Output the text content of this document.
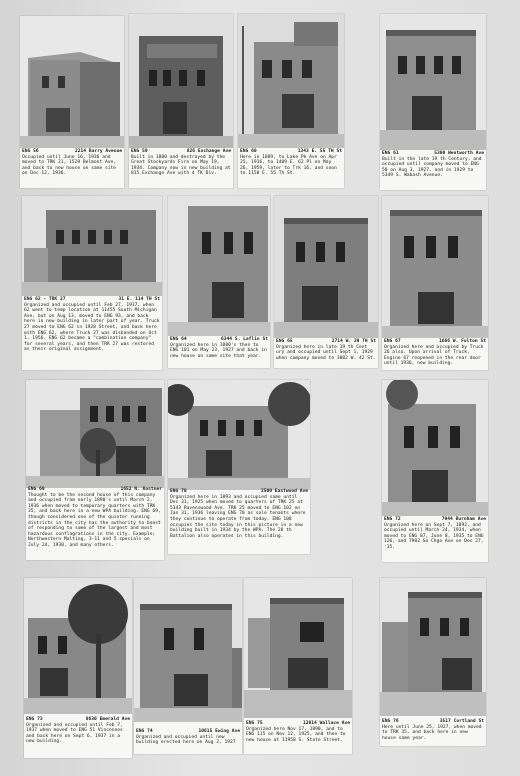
ENG 56	2214 Barry Avenue
Occupied until June 16, 1936 and moved to TRK 21, 1529 Belmont Ave, and back to new house on same site on Dec 12, 1936.
ENG 59	826 Exchange Ave
Built in 1880 and destroyed by the Great Stockyards Fire on May 19, 1934. Company now in new building at 815 Exchange Ave with 4 TK Div.
ENG 60	1343 E. 55 TH St
Here in 1889, to Lake Pk Ave on Apr 25, 1916, to 1409 E. 62 Pl on May 26, 1959, later to Trk 16, and soon to 1150 E. 55 Th St.
ENG 61	5300 Wentworth Ave
Built in the late 19 th Century, and occupied until company moved to ENG 50 on Aug 3, 1927, and in 1929 to 5349 S. Wabash Avenue.
ENG 62 - TRK 27	31 E. 114 TH St
Organized and occupied until Feb 27, 1937, when 62 went to temp location at 11455 South Michigan Ave, but on Aug 13, moved to ENG 93, and back here in new building in later part of year. Truck 27 moved to ENG 62 in 1928 Street, and back here with ENG 62, where Truck 27 was disbanded on Oct 1, 1956. ENG 62 became a "combination company" for several years, and then TRK 27 was restored as their original assignment.
ENG 64	6344 S. Laflin St
Organized here in 1880's then to ENG 101 on May 23, 1927 and back in new house on same site that year.
ENG 65	2714 W. 39 TH St
Organized here in late 19 th Cent ury and occupied until Sept 1, 1929 when company moved to 3002 W. 42 St.
ENG 67	1666 W. Fulton St
Organized here and occupied by Truck 26 also. Upon arrival of Truck, Engine 67 reopened in the rear door until 1936, new building.
ENG 69	1652 N. Kostner
Thought to be the second house of this company and occupied from early 1890's until March 2, 1936 when moved to temporary quarters with TRK 35, and back here in a new WPA building. ENG 69, though considered one of the quieter running districts in the city has the authority to boast of responding to some of the largest and most hazardous conflagrations in the city. Example; Northwestern Malting, 3-11 and 5 specials on July 24, 1930, and many others.
ENG 70	2500 Eastwood Ave
Organized here in 1893 and occupied same until Dec 31, 1925 when moved to quarters of TRK 25 at 5343 Ravenswood Ave. TRK 25 moved to ENG 102 on Jan 31, 1936 leaving ENG 70 as sole tenants where they continue to operate from today. ENG 108 occupies the site today in this picture in a new building built in 1934 by the WPA. The 20 th Battalion also operates in this building.
ENG 72	7944 Burnham Ave
Organized here on Sept 7, 1892, and occupied until March 24, 1934, when moved to ENG 87, June 8, 1935 to ENG 126, and 7982 So Chgo Ave on Dec 27, '35.
ENG 73	8630 Emerald Ave
Organized and occupied until Feb 7, 1937 when moved to ENG 51 Vincennes and back here on Sept 6, 1937 in a new building.
ENG 74	10615 Ewing Ave
Organized and occupied until new building erected here on Aug 2, 1927
ENG 75	12014 Wallace Ave
Organized here Nov 17, 1890, and to ENG 115 on Nov 12, 1925, and then to new house at 11958 S. State Street.
ENG 76	3517 Cortland St
Here until June 25, 1927, when moved to TRK 35, and back here in new house same year.
